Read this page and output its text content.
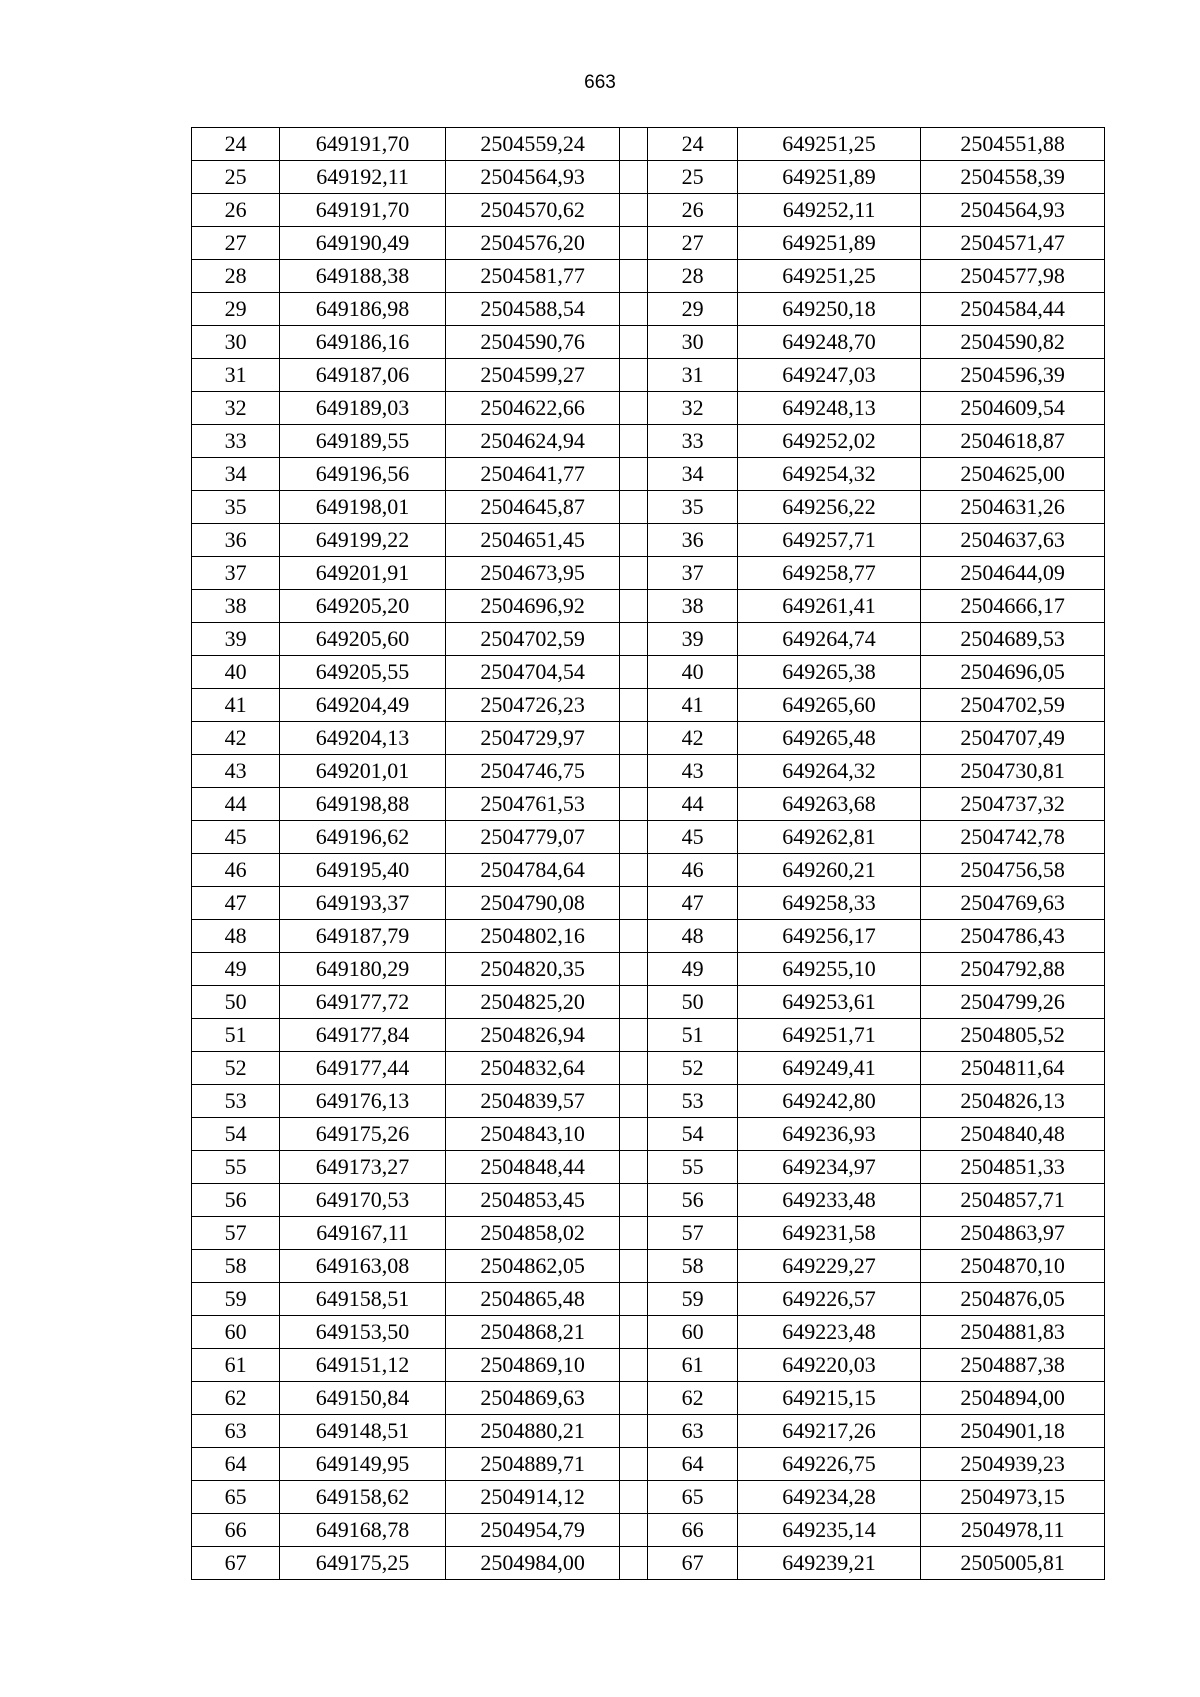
663
24	649191,70	2504559,24		24	649251,25	2504551,88
25	649192,11	2504564,93		25	649251,89	2504558,39
26	649191,70	2504570,62		26	649252,11	2504564,93
27	649190,49	2504576,20		27	649251,89	2504571,47
28	649188,38	2504581,77		28	649251,25	2504577,98
29	649186,98	2504588,54		29	649250,18	2504584,44
30	649186,16	2504590,76		30	649248,70	2504590,82
31	649187,06	2504599,27		31	649247,03	2504596,39
32	649189,03	2504622,66		32	649248,13	2504609,54
33	649189,55	2504624,94		33	649252,02	2504618,87
34	649196,56	2504641,77		34	649254,32	2504625,00
35	649198,01	2504645,87		35	649256,22	2504631,26
36	649199,22	2504651,45		36	649257,71	2504637,63
37	649201,91	2504673,95		37	649258,77	2504644,09
38	649205,20	2504696,92		38	649261,41	2504666,17
39	649205,60	2504702,59		39	649264,74	2504689,53
40	649205,55	2504704,54		40	649265,38	2504696,05
41	649204,49	2504726,23		41	649265,60	2504702,59
42	649204,13	2504729,97		42	649265,48	2504707,49
43	649201,01	2504746,75		43	649264,32	2504730,81
44	649198,88	2504761,53		44	649263,68	2504737,32
45	649196,62	2504779,07		45	649262,81	2504742,78
46	649195,40	2504784,64		46	649260,21	2504756,58
47	649193,37	2504790,08		47	649258,33	2504769,63
48	649187,79	2504802,16		48	649256,17	2504786,43
49	649180,29	2504820,35		49	649255,10	2504792,88
50	649177,72	2504825,20		50	649253,61	2504799,26
51	649177,84	2504826,94		51	649251,71	2504805,52
52	649177,44	2504832,64		52	649249,41	2504811,64
53	649176,13	2504839,57		53	649242,80	2504826,13
54	649175,26	2504843,10		54	649236,93	2504840,48
55	649173,27	2504848,44		55	649234,97	2504851,33
56	649170,53	2504853,45		56	649233,48	2504857,71
57	649167,11	2504858,02		57	649231,58	2504863,97
58	649163,08	2504862,05		58	649229,27	2504870,10
59	649158,51	2504865,48		59	649226,57	2504876,05
60	649153,50	2504868,21		60	649223,48	2504881,83
61	649151,12	2504869,10		61	649220,03	2504887,38
62	649150,84	2504869,63		62	649215,15	2504894,00
63	649148,51	2504880,21		63	649217,26	2504901,18
64	649149,95	2504889,71		64	649226,75	2504939,23
65	649158,62	2504914,12		65	649234,28	2504973,15
66	649168,78	2504954,79		66	649235,14	2504978,11
67	649175,25	2504984,00		67	649239,21	2505005,81
